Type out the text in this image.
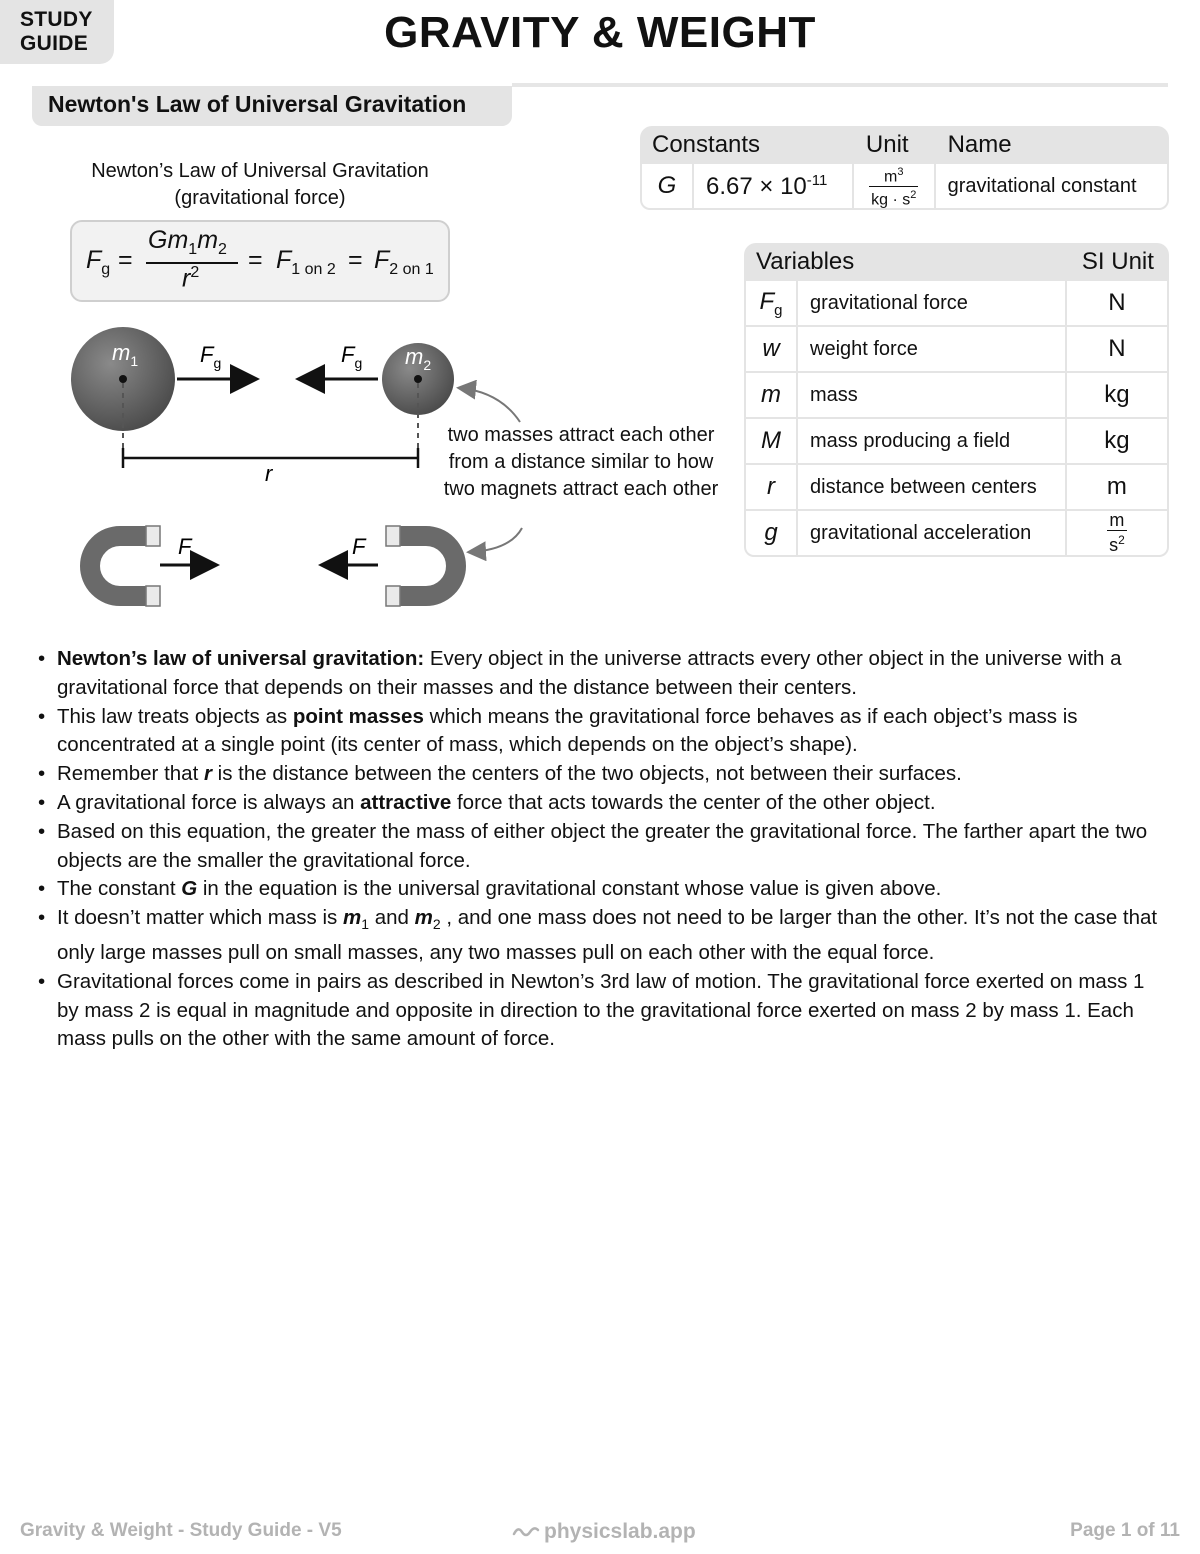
STUDY
GUIDE	GRAVITY & WEIGHT
Newton's Law of Universal Gravitation
Newton’s Law of Universal Gravitation
(gravitational force)
$F_g$ =
$Gm_1m_2$
$r^2 = F_{1 on 2} = F_{2 on 1}$
$m_1$	$m_2$
$F_g$	$F_g$
r
F	F
two masses attract each other from a distance similar to how two magnets attract each other
Constants		Unit	Name
G	$6.67 \times 10^{-11}$	$\frac{m^3}{kg \cdot s^2}$	gravitational constant
Variables		SI Unit
$F_g$	gravitational force	N
w	weight force	N
m	mass	kg
M	mass producing a field	kg
r	distance between centers	m
g	gravitational acceleration	$\frac{m}{s^2}$
• Newton’s law of universal gravitation: Every object in the universe attracts every other object in the universe with a gravitational force that depends on their masses and the distance between their centers.
• This law treats objects as point masses which means the gravitational force behaves as if each object’s mass is concentrated at a single point (its center of mass, which depends on the object’s shape).
• Remember that r is the distance between the centers of the two objects, not between their surfaces.
• A gravitational force is always an attractive force that acts towards the center of the other object.
• Based on this equation, the greater the mass of either object the greater the gravitational force. The farther apart the two objects are the smaller the gravitational force.
• The constant G in the equation is the universal gravitational constant whose value is given above.
• It doesn’t matter which mass is $m_1$ and $m_2$ , and one mass does not need to be larger than the other. It’s not the case that only large masses pull on small masses, any two masses pull on each other with the equal force.
• Gravitational forces come in pairs as described in Newton’s 3rd law of motion. The gravitational force exerted on mass 1 by mass 2 is equal in magnitude and opposite in direction to the gravitational force exerted on mass 2 by mass 1. Each mass pulls on the other with the same amount of force.
Gravity & Weight - Study Guide - V5	physicslab.app	Page 1 of 11
